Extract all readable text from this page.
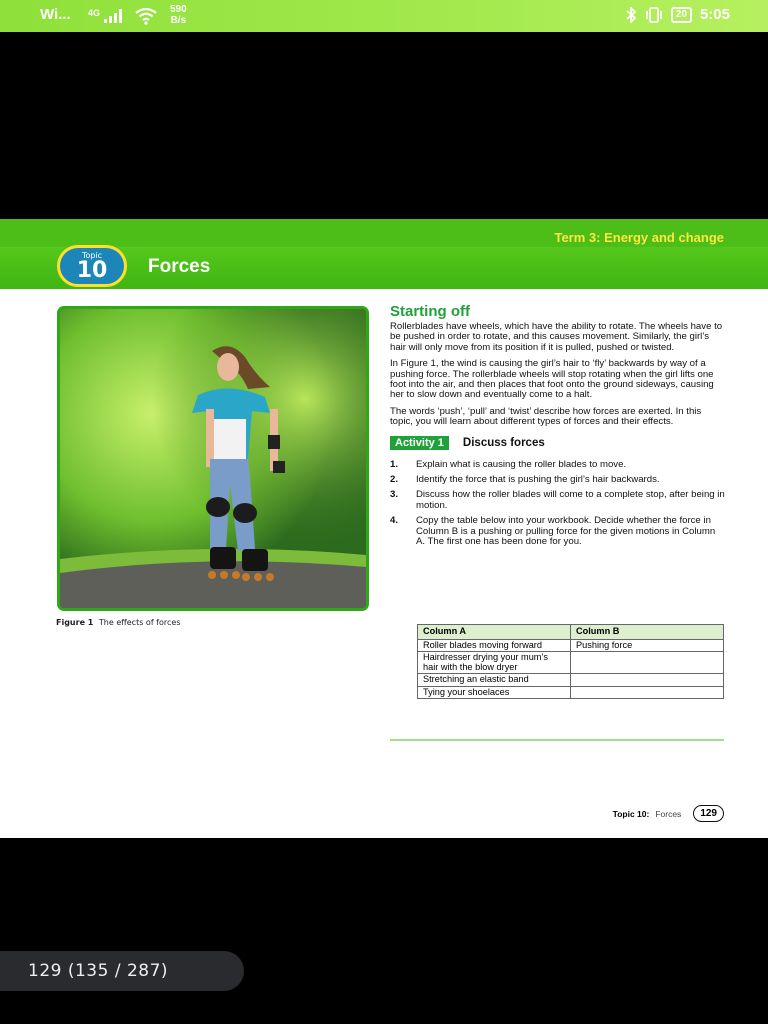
Wi... 4G	590
B/s
20 5:05
Term 3: Energy and change
Topic
10	Forces
Figure 1 The effects of forces
Starting off

Rollerblades have wheels, which have the ability to rotate. The wheels have to be pushed in order to rotate, and this causes movement. Similarly, the girl’s hair will only move from its position if it is pulled, pushed or twisted.

In Figure 1, the wind is causing the girl’s hair to ‘fly’ backwards by way of a pushing force. The rollerblade wheels will stop rotating when the girl lifts one foot into the air, and then places that foot onto the ground sideways, causing her to slow down and eventually come to a halt.

The words ‘push’, ‘pull’ and ‘twist’ describe how forces are exerted. In this topic, you will learn about different types of forces and their effects.

Activity 1	Discuss forces
1.	Explain what is causing the roller blades to move.
2.	Identify the force that is pushing the girl’s hair backwards.
3.	Discuss how the roller blades will come to a complete stop, after being in motion.
4.	Copy the table below into your workbook. Decide whether the force in Column B is a pushing or pulling force for the given motions in Column A. The first one has been done for you.
Column A	Column B
Roller blades moving forward	Pushing force
Hairdresser drying your mum’s hair with the blow dryer	
Stretching an elastic band	
Tying your shoelaces	
Topic 10: Forces	129
129 (135 / 287)
